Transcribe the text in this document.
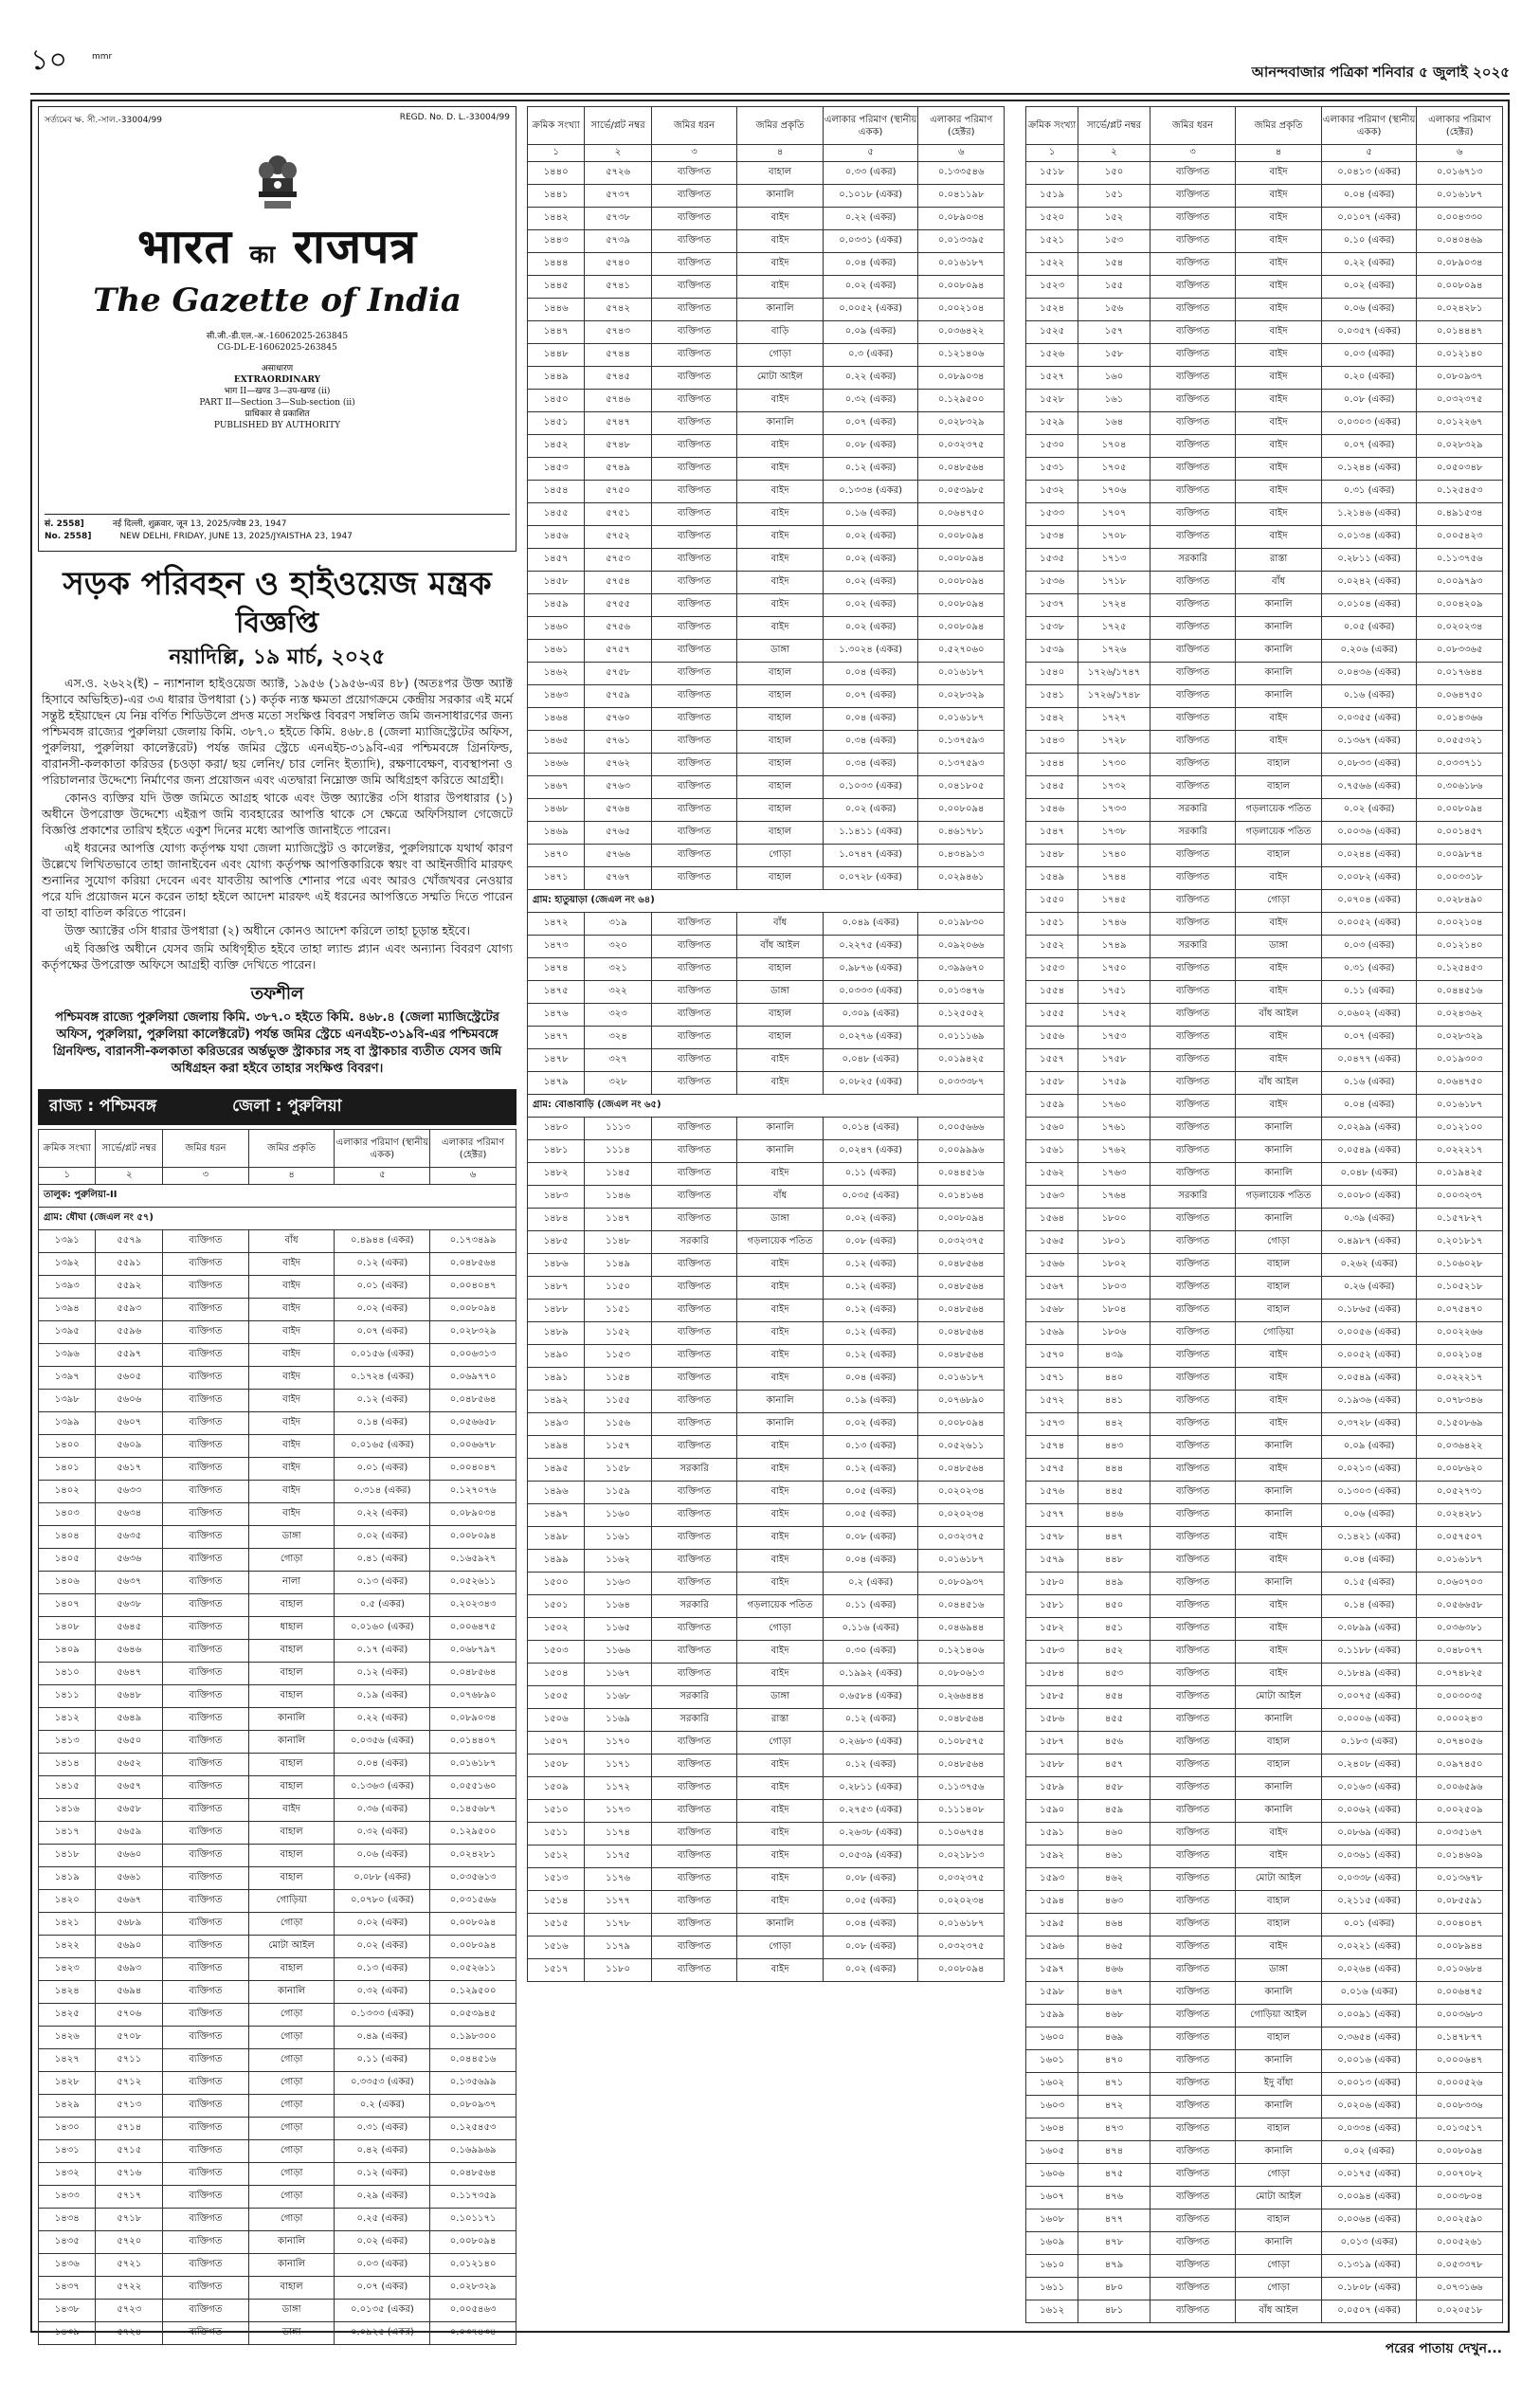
১০	mmr
আনন্দবাজার পত্রিকা শনিবার ৫ জুলাই ২০২৫
সর্ত্যমেব ক্ষ. সী.-সাল.-33004/99	REGD. No. D. L.-33004/99
भारत का राजपत्र
The Gazette of India
सी.जी.-डी.एल.-अ.-16062025-263845
CG-DL-E-16062025-263845
असाधारण
EXTRAORDINARY
भाग II—खण्ड 3—उप-खण्ड (ii)
PART II—Section 3—Sub-section (ii)
प्राधिकार से प्रकाशित
PUBLISHED BY AUTHORITY
सं. 2558]	नई दिल्ली, शुक्रवार, जून 13, 2025/ज्येष्ठ 23, 1947
No. 2558]	NEW DELHI, FRIDAY, JUNE 13, 2025/JYAISTHA 23, 1947
সড়ক পরিবহন ও হাইওয়েজ মন্ত্রক
বিজ্ঞপ্তি
নয়াদিল্লি, ১৯ মার্চ, ২০২৫

এস.ও. ২৬২২(ই) – ন্যাশনাল হাইওয়েজ অ্যাক্ট, ১৯৫৬ (১৯৫৬-এর ৪৮) (অতঃপর উক্ত অ্যাক্ট হিসাবে অভিহিত)-এর ৩এ ধারার উপধারা (১) কর্তৃক ন্যস্ত ক্ষমতা প্রয়োগক্রমে কেন্দ্রীয় সরকার এই মর্মে সন্তুষ্ট হইয়াছেন যে নিম্ন বর্ণিত শিডিউলে প্রদত্ত মতো সংক্ষিপ্ত বিবরণ সম্বলিত জমি জনসাধারণের জন্য পশ্চিমবঙ্গ রাজ্যের পুরুলিয়া জেলায় কিমি. ৩৮৭.০ হইতে কিমি. ৪৬৮.৪ (জেলা ম্যাজিস্ট্রেটের অফিস, পুরুলিয়া, পুরুলিয়া কালেক্টরেট) পর্যন্ত জমির স্ট্রেচে এনএইচ-৩১৯বি-এর পশ্চিমবঙ্গে গ্রিনফিল্ড, বারানসী-কলকাতা করিডর (চওড়া করা/ ছয় লেনিং/ চার লেনিং ইত্যাদি), রক্ষণাবেক্ষণ, ব্যবস্থাপনা ও পরিচালনার উদ্দেশ্যে নির্মাণের জন্য প্রয়োজন এবং এতদ্বারা নিম্নোক্ত জমি অধিগ্রহণ করিতে আগ্রহী।

কোনও ব্যক্তির যদি উক্ত জমিতে আগ্রহ থাকে এবং উক্ত অ্যাক্টের ৩সি ধারার উপধারার (১) অধীনে উপরোক্ত উদ্দেশ্যে এইরূপ জমি ব্যবহারের আপত্তি থাকে সে ক্ষেত্রে অফিসিয়াল গেজেটে বিজ্ঞপ্তি প্রকাশের তারিখ হইতে একুশ দিনের মধ্যে আপত্তি জানাইতে পারেন।

এই ধরনের আপত্তি যোগ্য কর্তৃপক্ষ যথা জেলা ম্যাজিস্ট্রেট ও কালেক্টর, পুরুলিয়াকে যথার্থ কারণ উল্লেখে লিখিতভাবে তাহা জানাইবেন এবং যোগ্য কর্তৃপক্ষ আপত্তিকারিকে স্বয়ং বা আইনজীবি মারফৎ শুনানির সুযোগ করিয়া দেবেন এবং যাবতীয় আপত্তি শোনার পরে এবং আরও খোঁজখবর নেওয়ার পরে যদি প্রয়োজন মনে করেন তাহা হইলে আদেশ মারফৎ এই ধরনের আপত্তিতে সম্মতি দিতে পারেন বা তাহা বাতিল করিতে পারেন।

উক্ত অ্যাক্টের ৩সি ধারার উপধারা (২) অধীনে কোনও আদেশ করিলে তাহা চূড়ান্ত হইবে।

এই বিজ্ঞপ্তি অধীনে যেসব জমি অধিগৃহীত হইবে তাহা ল্যান্ড প্ল্যান এবং অন্যান্য বিবরণ যোগ্য কর্তৃপক্ষের উপরোক্ত অফিসে আগ্রহী ব্যক্তি দেখিতে পারেন।

তফশীল
পশ্চিমবঙ্গ রাজ্যে পুরুলিয়া জেলায় কিমি. ৩৮৭.০ হইতে কিমি. ৪৬৮.৪ (জেলা ম্যাজিস্ট্রেটের অফিস, পুরুলিয়া, পুরুলিয়া কালেক্টরেট) পর্যন্ত জমির স্ট্রেচে এনএইচ-৩১৯বি-এর পশ্চিমবঙ্গে গ্রিনফিল্ড, বারানসী-কলকাতা করিডরের অর্ন্তভুক্ত স্ট্রাকচার সহ বা স্ট্রাকচার ব্যতীত যেসব জমি অধিগ্রহন করা হইবে তাহার সংক্ষিপ্ত বিবরণ।
রাজ্য : পশ্চিমবঙ্গ	জেলা : পুরুলিয়া
ক্রমিক সংখ্যা	সার্ভে/প্লট নম্বর	জমির ধরন	জমির প্রকৃতি	এলাকার পরিমাণ (স্থানীয় একক)	এলাকার পরিমাণ (হেক্টর)
১	২	৩	৪	৫	৬
তালুক: পুরুলিয়া-II					
গ্রাম: ধৌঘা (জেএল নং ৫৭)					
১৩৯১	৫৫৭৯	ব্যক্তিগত	বাঁধ	০.৪৯৪৪ (একর)	০.১৭৩৪৯৯
১৩৯২	৫৫৯১	ব্যক্তিগত	বাইদ	০.১২ (একর)	০.০৪৮৫৬৪
১৩৯৩	৫৫৯২	ব্যক্তিগত	বাইদ	০.০১ (একর)	০.০০৪০৪৭
১৩৯৪	৫৫৯৩	ব্যক্তিগত	বাইদ	০.০২ (একর)	০.০০৮০৯৪
১৩৯৫	৫৫৯৬	ব্যক্তিগত	বাইদ	০.০৭ (একর)	০.০২৮৩২৯
১৩৯৬	৫৫৯৭	ব্যক্তিগত	বাইদ	০.০১৫৬ (একর)	০.০০৬৩১৩
১৩৯৭	৫৬০৫	ব্যক্তিগত	বাইদ	০.১৭২৪ (একর)	০.০৬৯৭৭০
১৩৯৮	৫৬০৬	ব্যক্তিগত	বাইদ	০.১২ (একর)	০.০৪৮৫৬৪
১৩৯৯	৫৬০৭	ব্যক্তিগত	বাইদ	০.১৪ (একর)	০.০৫৬৬৫৮
১৪০০	৫৬০৯	ব্যক্তিগত	বাইদ	০.০১৬৫ (একর)	০.০০৬৬৭৮
১৪০১	৫৬১৭	ব্যক্তিগত	বাইদ	০.০১ (একর)	০.০০৪০৪৭
১৪০২	৫৬৩৩	ব্যক্তিগত	বাইদ	০.৩১৪ (একর)	০.১২৭০৭৬
১৪০৩	৫৬৩৪	ব্যক্তিগত	বাইদ	০.২২ (একর)	০.০৮৯০৩৪
১৪০৪	৫৬৩৫	ব্যক্তিগত	ডাঙ্গা	০.০২ (একর)	০.০০৮০৯৪
১৪০৫	৫৬৩৬	ব্যক্তিগত	গোড়া	০.৪১ (একর)	০.১৬৫৯২৭
১৪০৬	৫৬৩৭	ব্যক্তিগত	নালা	০.১৩ (একর)	০.০৫২৬১১
১৪০৭	৫৬৩৮	ব্যক্তিগত	বাহাল	০.৫ (একর)	০.২০২৩৪৩
১৪০৮	৫৬৪৫	ব্যক্তিগত	ধাহাল	০.০১৬০ (একর)	০.০০৬৪৭৫
১৪০৯	৫৬৪৬	ব্যক্তিগত	বাহাল	০.১৭ (একর)	০.০৬৮৭৯৭
১৪১০	৫৬৪৭	ব্যক্তিগত	বাহাল	০.১২ (একর)	০.০৪৮৫৬৪
১৪১১	৫৬৪৮	ব্যক্তিগত	বাহাল	০.১৯ (একর)	০.০৭৬৮৯০
১৪১২	৫৬৪৯	ব্যক্তিগত	কানালি	০.২২ (একর)	০.০৮৯০৩৪
১৪১৩	৫৬৫০	ব্যক্তিগত	কানালি	০.০৩৫৬ (একর)	০.০১৪৪০৭
১৪১৪	৫৬৫২	ব্যক্তিগত	বাহাল	০.০৪ (একর)	০.০১৬১৮৭
১৪১৫	৫৬৫৭	ব্যক্তিগত	বাহাল	০.১৩৬৩ (একর)	০.০৫৫১৬০
১৪১৬	৫৬৫৮	ব্যক্তিগত	বাইদ	০.৩৬ (একর)	০.১৪৫৬৮৭
১৪১৭	৫৬৫৯	ব্যক্তিগত	বাহাল	০.৩২ (একর)	০.১২৯৫০০
১৪১৮	৫৬৬০	ব্যক্তিগত	বাহাল	০.০৬ (একর)	০.০২৪২৮১
১৪১৯	৫৬৬১	ব্যক্তিগত	বাহাল	০.০৮৮ (একর)	০.০৩৫৬১৩
১৪২০	৫৬৬৭	ব্যক্তিগত	গোড়িয়া	০.০৭৮০ (একর)	০.০৩১৫৬৬
১৪২১	৫৬৮৯	ব্যক্তিগত	গোড়া	০.০২ (একর)	০.০০৮০৯৪
১৪২২	৫৬৯০	ব্যক্তিগত	মোটা আইল	০.০২ (একর)	০.০০৮০৯৪
১৪২৩	৫৬৯৩	ব্যক্তিগত	বাহাল	০.১৩ (একর)	০.০৫২৬১১
১৪২৪	৫৬৯৪	ব্যক্তিগত	কানালি	০.৩২ (একর)	০.১২৯৫০০
১৪২৫	৫৭০৬	ব্যক্তিগত	গোড়া	০.১৩৩৩ (একর)	০.০৫৩৯৪৫
১৪২৬	৫৭০৮	ব্যক্তিগত	গোড়া	০.৪৯ (একর)	০.১৯৮৩০০
১৪২৭	৫৭১১	ব্যক্তিগত	গোড়া	০.১১ (একর)	০.০৪৪৫১৬
১৪২৮	৫৭১২	ব্যক্তিগত	গোড়া	০.৩৩৫৩ (একর)	০.১৩৫৬৯৯
১৪২৯	৫৭১৩	ব্যক্তিগত	গোড়া	০.২ (একর)	০.০৮০৯৩৭
১৪৩০	৫৭১৪	ব্যক্তিগত	গোড়া	০.৩১ (একর)	০.১২৫৪৫৩
১৪৩১	৫৭১৫	ব্যক্তিগত	গোড়া	০.৪২ (একর)	০.১৬৯৯৬৯
১৪৩২	৫৭১৬	ব্যক্তিগত	গোড়া	০.১২ (একর)	০.০৪৮৫৬৪
১৪৩৩	৫৭১৭	ব্যক্তিগত	গোড়া	০.২৯ (একর)	০.১১৭৩৫৯
১৪৩৪	৫৭১৮	ব্যক্তিগত	গোড়া	০.২৫ (একর)	০.১০১১৭১
১৪৩৫	৫৭২০	ব্যক্তিগত	কানালি	০.০২ (একর)	০.০০৮০৯৪
১৪৩৬	৫৭২১	ব্যক্তিগত	কানালি	০.০৩ (একর)	০.০১২১৪০
১৪৩৭	৫৭২২	ব্যক্তিগত	বাহাল	০.০৭ (একর)	০.০২৮৩২৯
১৪৩৮	৫৭২৩	ব্যক্তিগত	ডাঙ্গা	০.০১৩৫ (একর)	০.০০৫৪৬৩
১৪৩৯	৫৭২৪	ব্যক্তিগত	ডাঙ্গা	০.০৯২৫ (একর)	০.০৩৭৪৩৪
ক্রমিক সংখ্যা	সার্ভে/প্লট নম্বর	জমির ধরন	জমির প্রকৃতি	এলাকার পরিমাণ (স্থানীয় একক)	এলাকার পরিমাণ (হেক্টর)
১	২	৩	৪	৫	৬
১৪৪০	৫৭২৬	ব্যক্তিগত	বাহাল	০.৩৩ (একর)	০.১৩৩৫৪৬
১৪৪১	৫৭৩৭	ব্যক্তিগত	কানালি	০.১০১৮ (একর)	০.০৪১১৯৮
১৪৪২	৫৭৩৮	ব্যক্তিগত	বাইদ	০.২২ (একর)	০.০৮৯০৩৪
১৪৪৩	৫৭৩৯	ব্যক্তিগত	বাইদ	০.০৩৩১ (একর)	০.০১৩৩৯৫
১৪৪৪	৫৭৪০	ব্যক্তিগত	বাইদ	০.০৪ (একর)	০.০১৬১৮৭
১৪৪৫	৫৭৪১	ব্যক্তিগত	বাইদ	০.০২ (একর)	০.০০৮০৯৪
১৪৪৬	৫৭৪২	ব্যক্তিগত	কানালি	০.০০৫২ (একর)	০.০০২১০৪
১৪৪৭	৫৭৪৩	ব্যক্তিগত	বাড়ি	০.০৯ (একর)	০.০৩৬৪২২
১৪৪৮	৫৭৪৪	ব্যক্তিগত	গোড়া	০.৩ (একর)	০.১২১৪০৬
১৪৪৯	৫৭৪৫	ব্যক্তিগত	মোটা আইল	০.২২ (একর)	০.০৮৯০৩৪
১৪৫০	৫৭৪৬	ব্যক্তিগত	বাইদ	০.৩২ (একর)	০.১২৯৫০০
১৪৫১	৫৭৪৭	ব্যক্তিগত	কানালি	০.০৭ (একর)	০.০২৮৩২৯
১৪৫২	৫৭৪৮	ব্যক্তিগত	বাইদ	০.০৮ (একর)	০.০৩২৩৭৫
১৪৫৩	৫৭৪৯	ব্যক্তিগত	বাইদ	০.১২ (একর)	০.০৪৮৫৬৪
১৪৫৪	৫৭৫০	ব্যক্তিগত	বাইদ	০.১৩৩৪ (একর)	০.০৫৩৯৮৫
১৪৫৫	৫৭৫১	ব্যক্তিগত	বাইদ	০.১৬ (একর)	০.০৬৪৭৫০
১৪৫৬	৫৭৫২	ব্যক্তিগত	বাইদ	০.০২ (একর)	০.০০৮০৯৪
১৪৫৭	৫৭৫৩	ব্যক্তিগত	বাইদ	০.০২ (একর)	০.০০৮০৯৪
১৪৫৮	৫৭৫৪	ব্যক্তিগত	বাইদ	০.০২ (একর)	০.০০৮০৯৪
১৪৫৯	৫৭৫৫	ব্যক্তিগত	বাইদ	০.০২ (একর)	০.০০৮০৯৪
১৪৬০	৫৭৫৬	ব্যক্তিগত	বাইদ	০.০২ (একর)	০.০০৮০৯৪
১৪৬১	৫৭৫৭	ব্যক্তিগত	ডাঙ্গা	১.৩০২৪ (একর)	০.৫২৭০৬০
১৪৬২	৫৭৫৮	ব্যক্তিগত	বাহাল	০.০৪ (একর)	০.০১৬১৮৭
১৪৬৩	৫৭৫৯	ব্যক্তিগত	বাহাল	০.০৭ (একর)	০.০২৮৩২৯
১৪৬৪	৫৭৬০	ব্যক্তিগত	বাহাল	০.০৪ (একর)	০.০১৬১৮৭
১৪৬৫	৫৭৬১	ব্যক্তিগত	বাহাল	০.৩৪ (একর)	০.১৩৭৫৯৩
১৪৬৬	৫৭৬২	ব্যক্তিগত	বাহাল	০.৩৪ (একর)	০.১৩৭৫৯৩
১৪৬৭	৫৭৬৩	ব্যক্তিগত	বাহাল	০.১০৩৩ (একর)	০.০৪১৮০৫
১৪৬৮	৫৭৬৪	ব্যক্তিগত	বাহাল	০.০২ (একর)	০.০০৮০৯৪
১৪৬৯	৫৭৬৫	ব্যক্তিগত	বাহাল	১.১৪১১ (একর)	০.৪৬১৭৮১
১৪৭০	৫৭৬৬	ব্যক্তিগত	গোড়া	১.০৭৪৭ (একর)	০.৪৩৪৯১৩
১৪৭১	৫৭৬৭	ব্যক্তিগত	বাহাল	০.০৭২৮ (একর)	০.০২৯৪৬১
গ্রাম: হাতুয়াড়া (জেএল নং ৬৪)					
১৪৭২	৩১৯	ব্যক্তিগত	বাঁধ	০.০৪৯ (একর)	০.০১৯৮৩০
১৪৭৩	৩২০	ব্যক্তিগত	বাঁধ আইল	০.২২৭৫ (একর)	০.০৯২০৬৬
১৪৭৪	৩২১	ব্যক্তিগত	বাহাল	০.৯৮৭৬ (একর)	০.৩৯৯৬৭০
১৪৭৫	৩২২	ব্যক্তিগত	ডাঙ্গা	০.০৩৩৩ (একর)	০.০১৩৪৭৬
১৪৭৬	৩২৩	ব্যক্তিগত	বাহাল	০.৩০৯ (একর)	০.১২৫০৫২
১৪৭৭	৩২৪	ব্যক্তিগত	বাহাল	০.০২৭৬ (একর)	০.০১১১৬৯
১৪৭৮	৩২৭	ব্যক্তিগত	বাইদ	০.০৪৮ (একর)	০.০১৯৪২৫
১৪৭৯	৩২৮	ব্যক্তিগত	বাইদ	০.০৮২৫ (একর)	০.০৩৩৩৮৭
গ্রাম: বোঙাবাড়ি (জেএল নং ৬৫)					
১৪৮০	১১১৩	ব্যক্তিগত	কানালি	০.০১৪ (একর)	০.০০৫৬৬৬
১৪৮১	১১১৪	ব্যক্তিগত	কানালি	০.০২৪৭ (একর)	০.০০৯৯৯৬
১৪৮২	১১৪৫	ব্যক্তিগত	বাইদ	০.১১ (একর)	০.০৪৪৫১৬
১৪৮৩	১১৪৬	ব্যক্তিগত	বাঁধ	০.০৩৫ (একর)	০.০১৪১৬৪
১৪৮৪	১১৪৭	ব্যক্তিগত	ডাঙ্গা	০.০২ (একর)	০.০০৮০৯৪
১৪৮৫	১১৪৮	সরকারি	গড়লায়েক পতিত	০.০৮ (একর)	০.০৩২৩৭৫
১৪৮৬	১১৪৯	ব্যক্তিগত	বাইদ	০.১২ (একর)	০.০৪৮৫৬৪
১৪৮৭	১১৫০	ব্যক্তিগত	বাইদ	০.১২ (একর)	০.০৪৮৫৬৪
১৪৮৮	১১৫১	ব্যক্তিগত	বাইদ	০.১২ (একর)	০.০৪৮৫৬৪
১৪৮৯	১১৫২	ব্যক্তিগত	বাইদ	০.১২ (একর)	০.০৪৮৫৬৪
১৪৯০	১১৫৩	ব্যক্তিগত	বাইদ	০.১২ (একর)	০.০৪৮৫৬৪
১৪৯১	১১৫৪	ব্যক্তিগত	বাইদ	০.০৪ (একর)	০.০১৬১৮৭
১৪৯২	১১৫৫	ব্যক্তিগত	কানালি	০.১৯ (একর)	০.০৭৬৮৯০
১৪৯৩	১১৫৬	ব্যক্তিগত	কানালি	০.০২ (একর)	০.০০৮০৯৪
১৪৯৪	১১৫৭	ব্যক্তিগত	বাইদ	০.১৩ (একর)	০.০৫২৬১১
১৪৯৫	১১৫৮	সরকারি	বাইদ	০.১২ (একর)	০.০৪৮৫৬৪
১৪৯৬	১১৫৯	ব্যক্তিগত	বাইদ	০.০৫ (একর)	০.০২০২৩৪
১৪৯৭	১১৬০	ব্যক্তিগত	বাইদ	০.০৫ (একর)	০.০২০২৩৪
১৪৯৮	১১৬১	ব্যক্তিগত	বাইদ	০.০৮ (একর)	০.০৩২৩৭৫
১৪৯৯	১১৬২	ব্যক্তিগত	বাইদ	০.০৪ (একর)	০.০১৬১৮৭
১৫০০	১১৬৩	ব্যক্তিগত	বাইদ	০.২ (একর)	০.০৮০৯৩৭
১৫০১	১১৬৪	সরকারি	গড়লায়েক পতিত	০.১১ (একর)	০.০৪৪৫১৬
১৫০২	১১৬৫	ব্যক্তিগত	গোড়া	০.১১৬ (একর)	০.০৪৬৯৪৪
১৫০৩	১১৬৬	ব্যক্তিগত	বাইদ	০.৩০ (একর)	০.১২১৪০৬
১৫০৪	১১৬৭	ব্যক্তিগত	বাইদ	০.১৯৯২ (একর)	০.০৮০৬১৩
১৫০৫	১১৬৮	সরকারি	ডাঙ্গা	০.৬৫৮৪ (একর)	০.২৬৬৪৪৪
১৫০৬	১১৬৯	সরকারি	রাস্তা	০.১২ (একর)	০.০৪৮৫৬৪
১৫০৭	১১৭০	ব্যক্তিগত	গোড়া	০.২৬৮৩ (একর)	০.১০৮৫৭৫
১৫০৮	১১৭১	ব্যক্তিগত	বাইদ	০.১২ (একর)	০.০৪৮৫৬৪
১৫০৯	১১৭২	ব্যক্তিগত	বাইদ	০.২৮১১ (একর)	০.১১৩৭৫৬
১৫১০	১১৭৩	ব্যক্তিগত	বাইদ	০.২৭৫৩ (একর)	০.১১১৪০৮
১৫১১	১১৭৪	ব্যক্তিগত	বাইদ	০.২৬৩৮ (একর)	০.১০৬৭৫৪
১৫১২	১১৭৫	ব্যক্তিগত	বাইদ	০.০৫৩৯ (একর)	০.০২১৮১৩
১৫১৩	১১৭৬	ব্যক্তিগত	বাইদ	০.০৮ (একর)	০.০৩২৩৭৫
১৫১৪	১১৭৭	ব্যক্তিগত	বাইদ	০.০৫ (একর)	০.০২০২৩৪
১৫১৫	১১৭৮	ব্যক্তিগত	কানালি	০.০৪ (একর)	০.০১৬১৮৭
১৫১৬	১১৭৯	ব্যক্তিগত	গোড়া	০.০৮ (একর)	০.০৩২৩৭৫
১৫১৭	১১৮০	ব্যক্তিগত	বাইদ	০.০২ (একর)	০.০০৮০৯৪
ক্রমিক সংখ্যা	সার্ভে/প্লট নম্বর	জমির ধরন	জমির প্রকৃতি	এলাকার পরিমাণ (স্থানীয় একক)	এলাকার পরিমাণ (হেক্টর)
১	২	৩	৪	৫	৬
১৫১৮	১৫০	ব্যক্তিগত	বাইদ	০.০৪১৩ (একর)	০.০১৬৭১৩
১৫১৯	১৫১	ব্যক্তিগত	বাইদ	০.০৪ (একর)	০.০১৬১৮৭
১৫২০	১৫২	ব্যক্তিগত	বাইদ	০.০১০৭ (একর)	০.০০৪৩৩০
১৫২১	১৫৩	ব্যক্তিগত	বাইদ	০.১০ (একর)	০.০৪০৪৬৯
১৫২২	১৫৪	ব্যক্তিগত	বাইদ	০.২২ (একর)	০.০৮৯০৩৪
১৫২৩	১৫৫	ব্যক্তিগত	বাইদ	০.০২ (একর)	০.০০৮০৯৪
১৫২৪	১৫৬	ব্যক্তিগত	বাইদ	০.০৬ (একর)	০.০২৪২৮১
১৫২৫	১৫৭	ব্যক্তিগত	বাইদ	০.০৩৫৭ (একর)	০.০১৪৪৪৭
১৫২৬	১৫৮	ব্যক্তিগত	বাইদ	০.০৩ (একর)	০.০১২১৪০
১৫২৭	১৬০	ব্যক্তিগত	বাইদ	০.২০ (একর)	০.০৮০৯৩৭
১৫২৮	১৬১	ব্যক্তিগত	বাইদ	০.০৮ (একর)	০.০৩২৩৭৫
১৫২৯	১৬৪	ব্যক্তিগত	বাইদ	০.০৩০৩ (একর)	০.০১২২৬৭
১৫৩০	১৭০৪	ব্যক্তিগত	বাইদ	০.০৭ (একর)	০.০২৮৩২৯
১৫৩১	১৭০৫	ব্যক্তিগত	বাইদ	০.১২৪৪ (একর)	০.০৫০৩৪৮
১৫৩২	১৭০৬	ব্যক্তিগত	বাইদ	০.৩১ (একর)	০.১২৫৪৫৩
১৫৩৩	১৭০৭	ব্যক্তিগত	বাইদ	১.২১৪৬ (একর)	০.৪৯১৫৩৪
১৫৩৪	১৭০৮	ব্যক্তিগত	বাইদ	০.০১৩৪ (একর)	০.০০৫৪২৩
১৫৩৫	১৭১৩	সরকারি	রাস্তা	০.২৮১১ (একর)	০.১১৩৭৫৬
১৫৩৬	১৭১৮	ব্যক্তিগত	বাঁধ	০.০২৪২ (একর)	০.০০৯৭৯৩
১৫৩৭	১৭২৪	ব্যক্তিগত	কানালি	০.০১০৪ (একর)	০.০০৪২০৯
১৫৩৮	১৭২৫	ব্যক্তিগত	কানালি	০.০৫ (একর)	০.০২০২৩৪
১৫৩৯	১৭২৬	ব্যক্তিগত	কানালি	০.২০৬ (একর)	০.০৮৩৩৬৫
১৫৪০	১৭২৬/১৭৪৭	ব্যক্তিগত	কানালি	০.০৪৩৬ (একর)	০.০১৭৬৪৪
১৫৪১	১৭২৬/১৭৪৮	ব্যক্তিগত	কানালি	০.১৬ (একর)	০.০৬৪৭৫০
১৫৪২	১৭২৭	ব্যক্তিগত	বাইদ	০.০৩৫৫ (একর)	০.০১৪৩৬৬
১৫৪৩	১৭২৮	ব্যক্তিগত	বাইদ	০.১৩৬৭ (একর)	০.০৫৫৩২১
১৫৪৪	১৭৩০	ব্যক্তিগত	বাহাল	০.০৮৩৩ (একর)	০.০৩৩৭১১
১৫৪৫	১৭৩২	ব্যক্তিগত	বাহাল	০.৭৫৬৬ (একর)	০.৩০৬১৮৬
১৫৪৬	১৭৩৩	সরকারি	গড়লায়েক পতিত	০.০২ (একর)	০.০০৮০৯৪
১৫৪৭	১৭৩৮	সরকারি	গড়লায়েক পতিত	০.০০৩৬ (একর)	০.০০১৪৫৭
১৫৪৮	১৭৪০	ব্যক্তিগত	বাহাল	০.০২৪৪ (একর)	০.০০৯৮৭৪
১৫৪৯	১৭৪৪	ব্যক্তিগত	বাইদ	০.০০৮২ (একর)	০.০০৩৩১৮
১৫৫০	১৭৪৫	ব্যক্তিগত	গোড়া	০.০৭০৪ (একর)	০.০২৮৪৯০
১৫৫১	১৭৪৬	ব্যক্তিগত	বাইদ	০.০০৫২ (একর)	০.০০২১০৪
১৫৫২	১৭৪৯	সরকারি	ডাঙ্গা	০.০৩ (একর)	০.০১২১৪০
১৫৫৩	১৭৫০	ব্যক্তিগত	বাইদ	০.৩১ (একর)	০.১২৫৪৫৩
১৫৫৪	১৭৫১	ব্যক্তিগত	বাইদ	০.১১ (একর)	০.০৪৪৫১৬
১৫৫৫	১৭৫২	ব্যক্তিগত	বাঁধ আইল	০.০৬০২ (একর)	০.০২৪৩৬২
১৫৫৬	১৭৫৩	ব্যক্তিগত	বাইদ	০.০৭ (একর)	০.০২৮৩২৯
১৫৫৭	১৭৫৮	ব্যক্তিগত	বাইদ	০.০৪৭৭ (একর)	০.০১৯৩০৩
১৫৫৮	১৭৫৯	ব্যক্তিগত	বাঁধ আইল	০.১৬ (একর)	০.০৬৪৭৫০
১৫৫৯	১৭৬০	ব্যক্তিগত	বাইদ	০.০৪ (একর)	০.০১৬১৮৭
১৫৬০	১৭৬১	ব্যক্তিগত	কানালি	০.০২৯৯ (একর)	০.০১২১০০
১৫৬১	১৭৬২	ব্যক্তিগত	কানালি	০.০৫৪৯ (একর)	০.০২২২১৭
১৫৬২	১৭৬৩	ব্যক্তিগত	কানালি	০.০৪৮ (একর)	০.০১৯৪২৫
১৫৬৩	১৭৬৪	সরকারি	গড়লায়েক পতিত	০.০০৮০ (একর)	০.০০৩২৩৭
১৫৬৪	১৮০০	ব্যক্তিগত	কানালি	০.৩৯ (একর)	০.১৫৭৮২৭
১৫৬৫	১৮০১	ব্যক্তিগত	গোড়া	০.৪৯৮৭ (একর)	০.২০১৮১৭
১৫৬৬	১৮০২	ব্যক্তিগত	বাহাল	০.২৬২ (একর)	০.১০৬০২৮
১৫৬৭	১৮০৩	ব্যক্তিগত	বাহাল	০.২৬ (একর)	০.১০৫২১৮
১৫৬৮	১৮০৪	ব্যক্তিগত	বাহাল	০.১৮৬৫ (একর)	০.০৭৫৪৭০
১৫৬৯	১৮০৬	ব্যক্তিগত	গোড়িয়া	০.০০৫৬ (একর)	০.০০২২৬৬
১৫৭০	৪৩৯	ব্যক্তিগত	বাইদ	০.০০৫২ (একর)	০.০০২১০৪
১৫৭১	৪৪০	ব্যক্তিগত	বাইদ	০.০৫৪৯ (একর)	০.০২২২১৭
১৫৭২	৪৪১	ব্যক্তিগত	বাইদ	০.১৯৩৬ (একর)	০.০৭৮৩৪৬
১৫৭৩	৪৪২	ব্যক্তিগত	বাইদ	০.৩৭২৮ (একর)	০.১৫০৮৬৯
১৫৭৪	৪৪৩	ব্যক্তিগত	কানালি	০.০৯ (একর)	০.০৩৬৪২২
১৫৭৫	৪৪৪	ব্যক্তিগত	বাইদ	০.০২১৩ (একর)	০.০০৮৬২০
১৫৭৬	৪৪৫	ব্যক্তিগত	কানালি	০.১৩০৩ (একর)	০.০৫২৭৩১
১৫৭৭	৪৪৬	ব্যক্তিগত	কানালি	০.০৬ (একর)	০.০২৪২৮১
১৫৭৮	৪৪৭	ব্যক্তিগত	বাইদ	০.১৪২১ (একর)	০.০৫৭৫০৭
১৫৭৯	৪৪৮	ব্যক্তিগত	বাইদ	০.০৪ (একর)	০.০১৬১৮৭
১৫৮০	৪৪৯	ব্যক্তিগত	কানালি	০.১৫ (একর)	০.০৬০৭০৩
১৫৮১	৪৫০	ব্যক্তিগত	বাইদ	০.১৪ (একর)	০.০৫৬৬৫৮
১৫৮২	৪৫১	ব্যক্তিগত	বাইদ	০.০৮৯৯ (একর)	০.০৩৬৩৮১
১৫৮৩	৪৫২	ব্যক্তিগত	বাইদ	০.১১৮৮ (একর)	০.০৪৮০৭৭
১৫৮৪	৪৫৩	ব্যক্তিগত	বাইদ	০.১৮৪৯ (একর)	০.০৭৪৮২৫
১৫৮৫	৪৫৪	ব্যক্তিগত	মোটা আইল	০.০০৭৫ (একর)	০.০০৩০৩৫
১৫৮৬	৪৫৫	ব্যক্তিগত	কানালি	০.০০০৬ (একর)	০.০০০২৪৩
১৫৮৭	৪৫৬	ব্যক্তিগত	বাহাল	০.১৮৩ (একর)	০.০৭৪০৫৬
১৫৮৮	৪৫৭	ব্যক্তিগত	বাহাল	০.২৪০৮ (একর)	০.০৯৭৪৫০
১৫৮৯	৪৫৮	ব্যক্তিগত	কানালি	০.০১৬৩ (একর)	০.০০৬৫৯৬
১৫৯০	৪৫৯	ব্যক্তিগত	কানালি	০.০০৬২ (একর)	০.০০২৫০৯
১৫৯১	৪৬০	ব্যক্তিগত	বাইদ	০.০৮৬৯ (একর)	০.০৩৫১৬৭
১৫৯২	৪৬১	ব্যক্তিগত	বাইদ	০.০৩৬১ (একর)	০.০১৪৬০৯
১৫৯৩	৪৬২	ব্যক্তিগত	মোটা আইল	০.০৩৩৮ (একর)	০.০১৩৬৭৮
১৫৯৪	৪৬৩	ব্যক্তিগত	বাহাল	০.২১১৫ (একর)	০.০৮৫৫৯১
১৫৯৫	৪৬৪	ব্যক্তিগত	বাহাল	০.০১ (একর)	০.০০৪০৪৭
১৫৯৬	৪৬৫	ব্যক্তিগত	বাইদ	০.০২২১ (একর)	০.০০৮৯৪৪
১৫৯৭	৪৬৬	ব্যক্তিগত	ডাঙ্গা	০.০২৬৪ (একর)	০.০১০৬৮৪
১৫৯৮	৪৬৭	ব্যক্তিগত	কানালি	০.০১৬ (একর)	০.০০৬৪৭৫
১৫৯৯	৪৬৮	ব্যক্তিগত	গোড়িয়া আইল	০.০০৯১ (একর)	০.০০৩৬৮৩
১৬০০	৪৬৯	ব্যক্তিগত	বাহাল	০.৩৬৫৪ (একর)	০.১৪৭৮৭৭
১৬০১	৪৭০	ব্যক্তিগত	কানালি	০.০০১৬ (একর)	০.০০০৬৪৭
১৬০২	৪৭১	ব্যক্তিগত	ইদু বাঁধা	০.০০১৩ (একর)	০.০০০৫২৬
১৬০৩	৪৭২	ব্যক্তিগত	কানালি	০.০২০৬ (একর)	০.০০৮৩৩৬
১৬০৪	৪৭৩	ব্যক্তিগত	বাহাল	০.০৩৩৪ (একর)	০.০১৩৫১৭
১৬০৫	৪৭৪	ব্যক্তিগত	কানালি	০.০২ (একর)	০.০০৮০৯৪
১৬০৬	৪৭৫	ব্যক্তিগত	গোড়া	০.০১৭৫ (একর)	০.০০৭০৮২
১৬০৭	৪৭৬	ব্যক্তিগত	মোটা আইল	০.০০৯৪ (একর)	০.০০৩৮০৪
১৬০৮	৪৭৭	ব্যক্তিগত	বাহাল	০.০০৬৪ (একর)	০.০০২৫৯০
১৬০৯	৪৭৮	ব্যক্তিগত	কানালি	০.০১৩ (একর)	০.০০৫২৬১
১৬১০	৪৭৯	ব্যক্তিগত	গোড়া	০.১৩১৯ (একর)	০.০৫৩৩৭৮
১৬১১	৪৮০	ব্যক্তিগত	গোড়া	০.১৮০৮ (একর)	০.০৭৩১৬৬
১৬১২	৪৮১	ব্যক্তিগত	বাঁধ আইল	০.০৫০৭ (একর)	০.০২০৫১৮
পরের পাতায় দেখুন...
